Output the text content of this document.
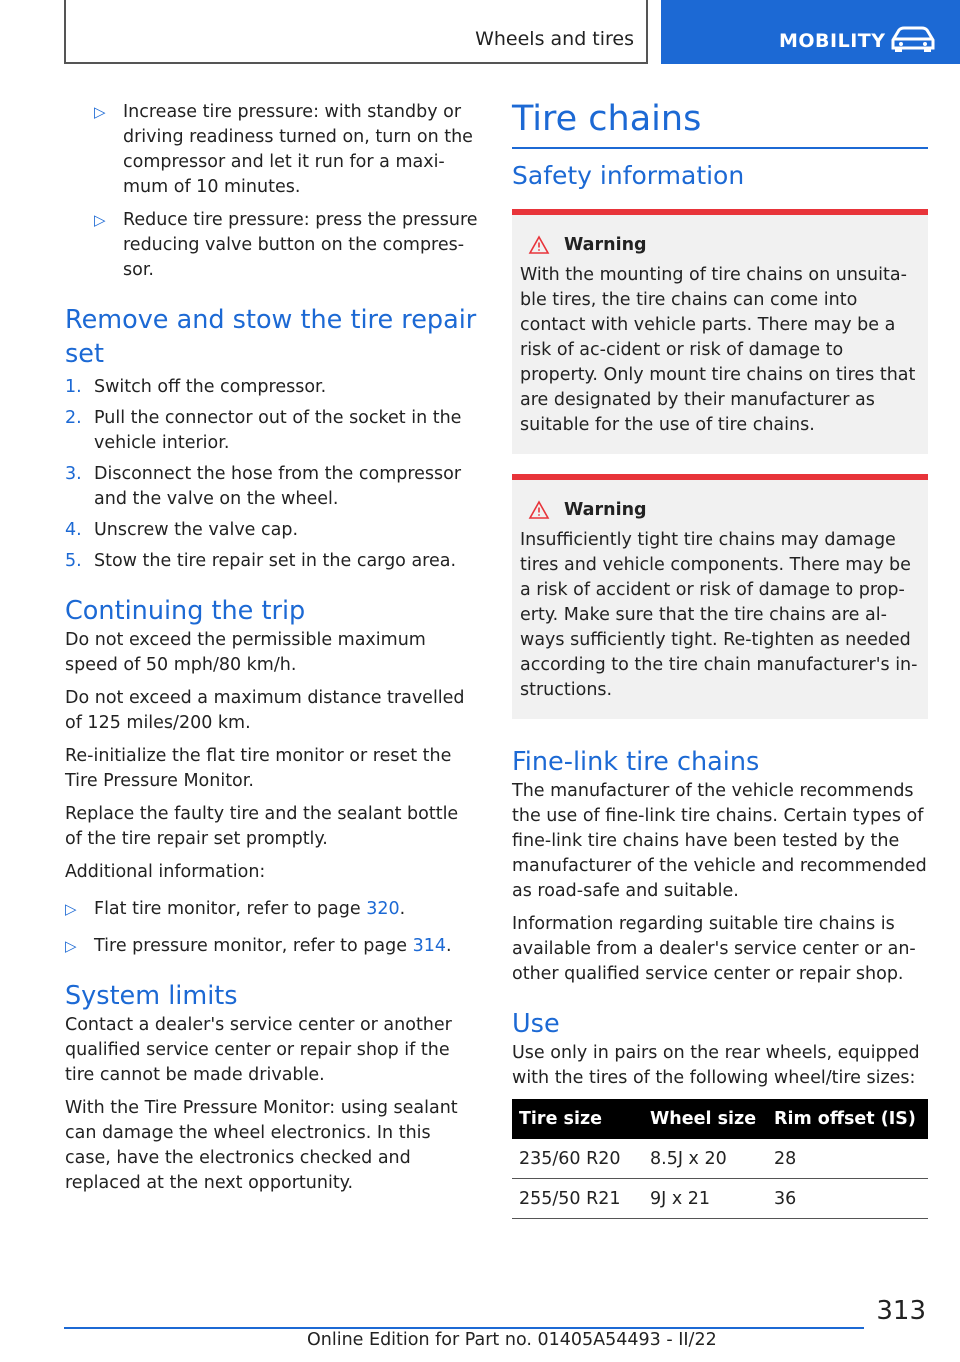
Wheels and tires	MOBILITY
▷ Increase tire pressure: with standby or driving readiness turned on, turn on the compressor and let it run for a maxi-mum of 10 minutes.
▷ Reduce tire pressure: press the pressure reducing valve button on the compres-sor.
Remove and stow the tire repair set
1. Switch off the compressor.
2. Pull the connector out of the socket in the vehicle interior.
3. Disconnect the hose from the compressor and the valve on the wheel.
4. Unscrew the valve cap.
5. Stow the tire repair set in the cargo area.
Continuing the trip

Do not exceed the permissible maximum speed of 50 mph/80 km/h.

Do not exceed a maximum distance travelled of 125 miles/200 km.

Re-initialize the flat tire monitor or reset the Tire Pressure Monitor.

Replace the faulty tire and the sealant bottle of the tire repair set promptly.

Additional information:

▷ Flat tire monitor, refer to page 320.
▷ Tire pressure monitor, refer to page 314.
System limits

Contact a dealer's service center or another qualified service center or repair shop if the tire cannot be made drivable.

With the Tire Pressure Monitor: using sealant can damage the wheel electronics. In this case, have the electronics checked and replaced at the next opportunity.

Tire chains
Safety information
Warning

With the mounting of tire chains on unsuita-ble tires, the tire chains can come into contact with vehicle parts. There may be a risk of ac-cident or risk of damage to property. Only mount tire chains on tires that are designated by their manufacturer as suitable for the use of tire chains.

Warning

Insufficiently tight tire chains may damage tires and vehicle components. There may be a risk of accident or risk of damage to prop-erty. Make sure that the tire chains are al-ways sufficiently tight. Re-tighten as needed according to the tire chain manufacturer's in-structions.

Fine-link tire chains

The manufacturer of the vehicle recommends the use of fine-link tire chains. Certain types of fine-link tire chains have been tested by the manufacturer of the vehicle and recommended as road-safe and suitable.

Information regarding suitable tire chains is available from a dealer's service center or an-other qualified service center or repair shop.

Use

Use only in pairs on the rear wheels, equipped with the tires of the following wheel/tire sizes:

Tire size	Wheel size	Rim offset (IS)
235/60 R20	8.5J x 20	28
255/50 R21	9J x 21	36
313
Online Edition for Part no. 01405A54493 - II/22
